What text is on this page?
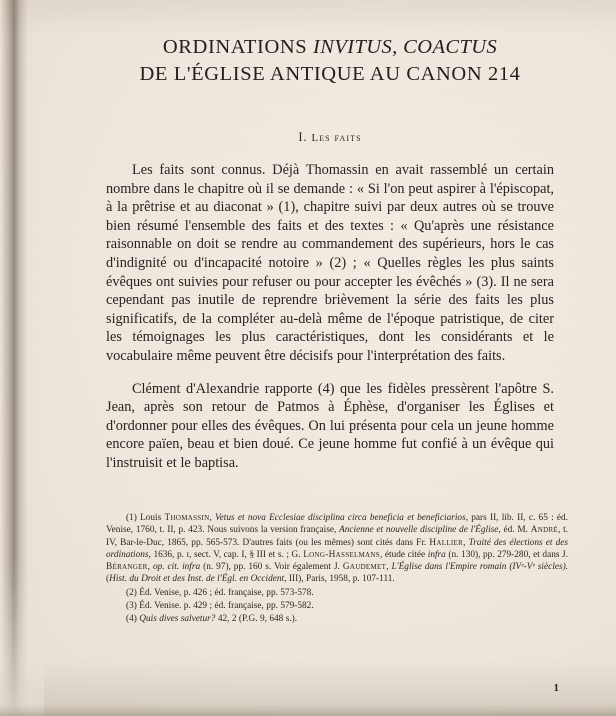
ORDINATIONS INVITUS, COACTUS
DE L'ÉGLISE ANTIQUE AU CANON 214
I. Les faits

Les faits sont connus. Déjà Thomassin en avait rassemblé un certain nombre dans le chapitre où il se demande : « Si l'on peut aspirer à l'épiscopat, à la prêtrise et au diaconat » (1), chapitre suivi par deux autres où se trouve bien résumé l'ensemble des faits et des textes : « Qu'après une résistance raisonnable on doit se rendre au commandement des supérieurs, hors le cas d'indignité ou d'incapacité notoire » (2) ; « Quelles règles les plus saints évêques ont suivies pour refuser ou pour accepter les évêchés » (3). Il ne sera cependant pas inutile de reprendre brièvement la série des faits les plus significatifs, de la compléter au-delà même de l'époque patristique, de citer les témoignages les plus caractéristiques, dont les considérants et le vocabulaire même peuvent être décisifs pour l'interprétation des faits.

Clément d'Alexandrie rapporte (4) que les fidèles pressèrent l'apôtre S. Jean, après son retour de Patmos à Éphèse, d'organiser les Églises et d'ordonner pour elles des évêques. On lui présenta pour cela un jeune homme encore païen, beau et bien doué. Ce jeune homme fut confié à un évêque qui l'instruisit et le baptisa.

(1) Louis Thomassin, Vetus et nova Ecclesiae disciplina circa beneficia et beneficiarios, pars II, lib. II, c. 65 : éd. Venise, 1760, t. II, p. 423. Nous suivons la version française, Ancienne et nouvelle discipline de l'Église, éd. M. André, t. IV, Bar-le-Duc, 1865, pp. 565-573. D'autres faits (ou les mêmes) sont cités dans Fr. Hallier, Traité des élections et des ordinations, 1636, p. ɪ, sect. V, cap. I, § III et s. ; G. Long-Hasselmans, étude citée infra (n. 130), pp. 279-280, et dans J. Béranger, op. cit. infra (n. 97), pp. 160 s. Voir également J. Gaudemet, L'Église dans l'Empire romain (IVᵉ-Vᵉ siècles). (Hist. du Droit et des Inst. de l'Égl. en Occident, III), Paris, 1958, p. 107-111.

(2) Éd. Venise, p. 426 ; éd. française, pp. 573-578.

(3) Éd. Venise. p. 429 ; éd. française, pp. 579-582.

(4) Quis dives salvetur? 42, 2 (P.G. 9, 648 s.).

1
